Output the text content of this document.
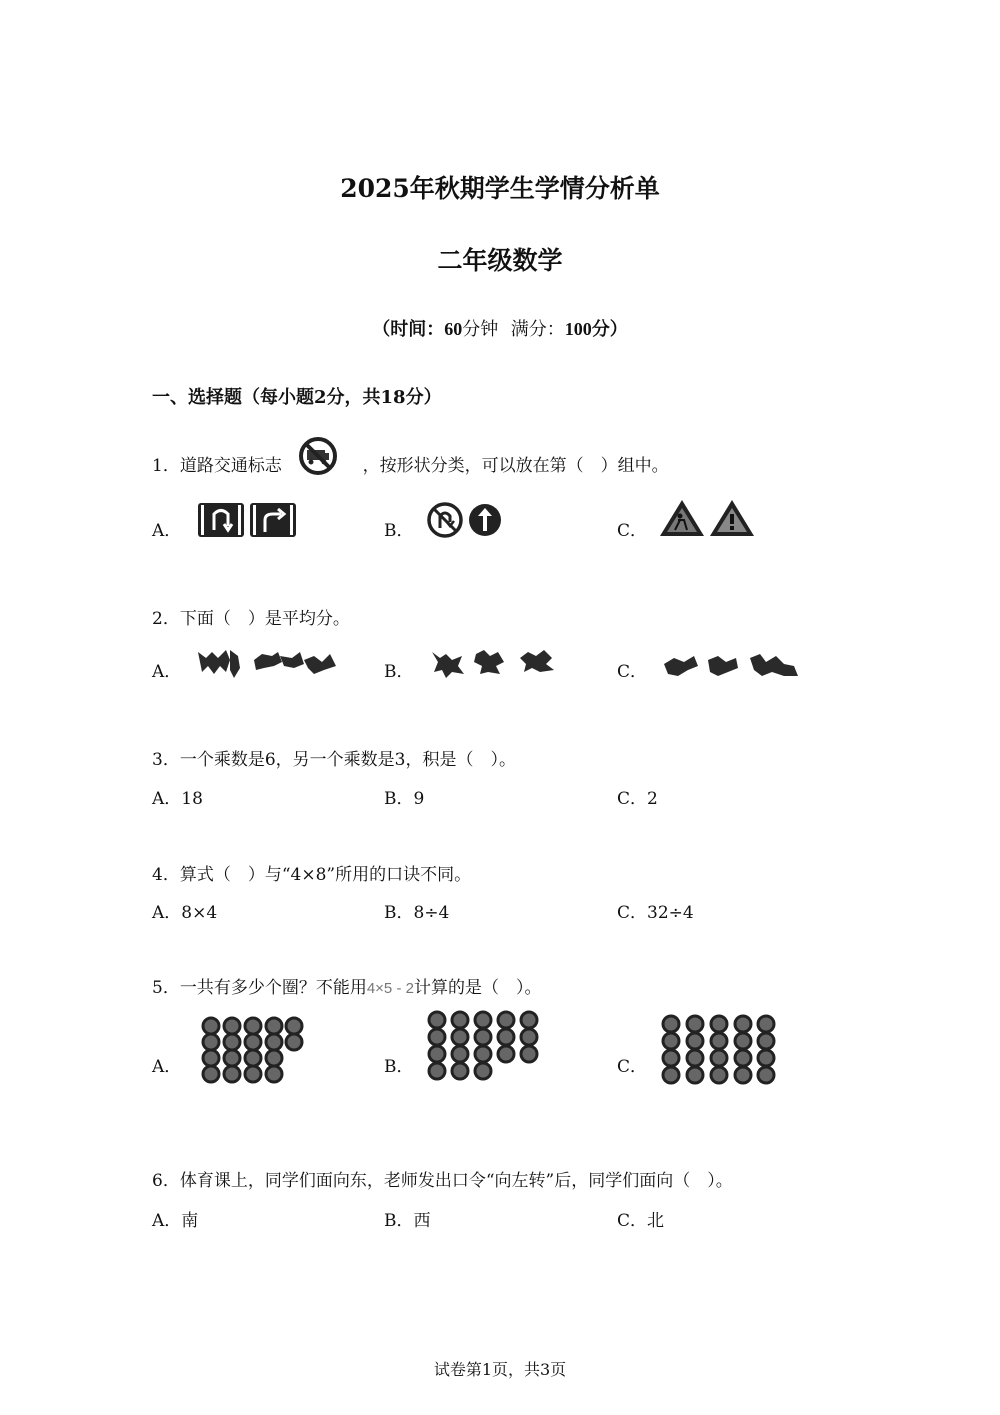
2025年秋期学生学情分析单
二年级数学
（时间：60分钟 满分：100分）
一、选择题（每小题2分，共18分）
1．道路交通标志	，按形状分类，可以放在第（　）组中。
A．	B．	C．
2．下面（　）是平均分。
A．	B．	C．
3．一个乘数是6，另一个乘数是3，积是（　）。
A．18	B．9	C．2
4．算式（　）与“4×8”所用的口诀不同。
A．8×4	B．8÷4	C．32÷4
5．一共有多少个圈？不能用4×5 - 2计算的是（　）。
A．	B．	C．
6．体育课上，同学们面向东，老师发出口令“向左转”后，同学们面向（　）。
A．南	B．西	C．北
试卷第1页，共3页
